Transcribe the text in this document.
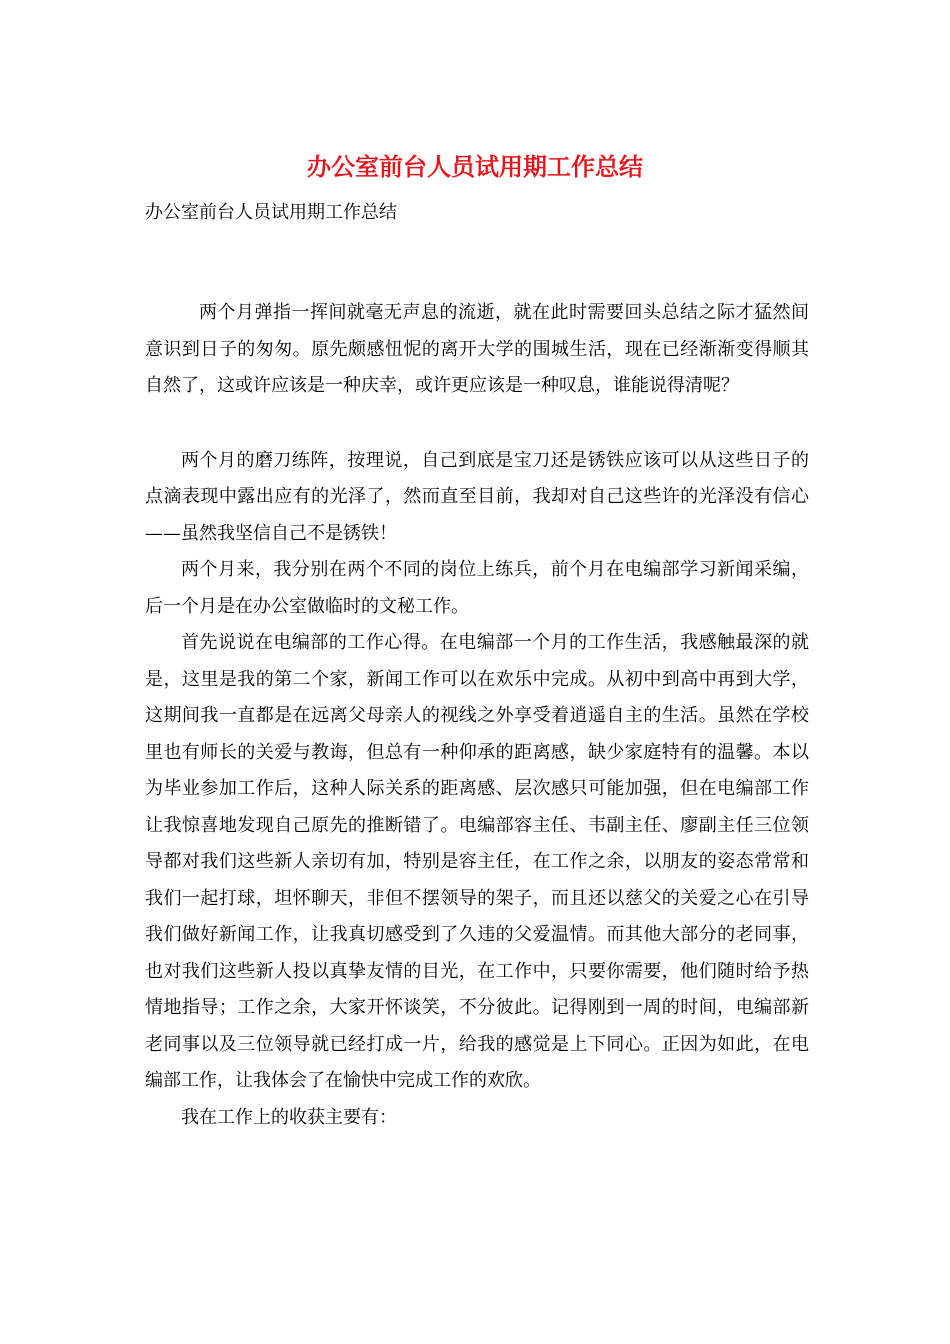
办公室前台人员试用期工作总结

办公室前台人员试用期工作总结

两个月弹指一挥间就毫无声息的流逝，就在此时需要回头总结之际才猛然间意识到日子的匆匆。原先颇感忸怩的离开大学的围城生活，现在已经渐渐变得顺其自然了，这或许应该是一种庆幸，或许更应该是一种叹息，谁能说得清呢？

两个月的磨刀练阵，按理说，自己到底是宝刀还是锈铁应该可以从这些日子的点滴表现中露出应有的光泽了，然而直至目前，我却对自己这些许的光泽没有信心——虽然我坚信自己不是锈铁！

两个月来，我分别在两个不同的岗位上练兵，前个月在电编部学习新闻采编，后一个月是在办公室做临时的文秘工作。

首先说说在电编部的工作心得。在电编部一个月的工作生活，我感触最深的就是，这里是我的第二个家，新闻工作可以在欢乐中完成。从初中到高中再到大学，这期间我一直都是在远离父母亲人的视线之外享受着逍遥自主的生活。虽然在学校里也有师长的关爱与教诲，但总有一种仰承的距离感，缺少家庭特有的温馨。本以为毕业参加工作后，这种人际关系的距离感、层次感只可能加强，但在电编部工作让我惊喜地发现自己原先的推断错了。电编部容主任、韦副主任、廖副主任三位领导都对我们这些新人亲切有加，特别是容主任，在工作之余，以朋友的姿态常常和我们一起打球，坦怀聊天，非但不摆领导的架子，而且还以慈父的关爱之心在引导我们做好新闻工作，让我真切感受到了久违的父爱温情。而其他大部分的老同事，也对我们这些新人投以真挚友情的目光，在工作中，只要你需要，他们随时给予热情地指导；工作之余，大家开怀谈笑，不分彼此。记得刚到一周的时间，电编部新老同事以及三位领导就已经打成一片，给我的感觉是上下同心。正因为如此，在电编部工作，让我体会了在愉快中完成工作的欢欣。

我在工作上的收获主要有：
